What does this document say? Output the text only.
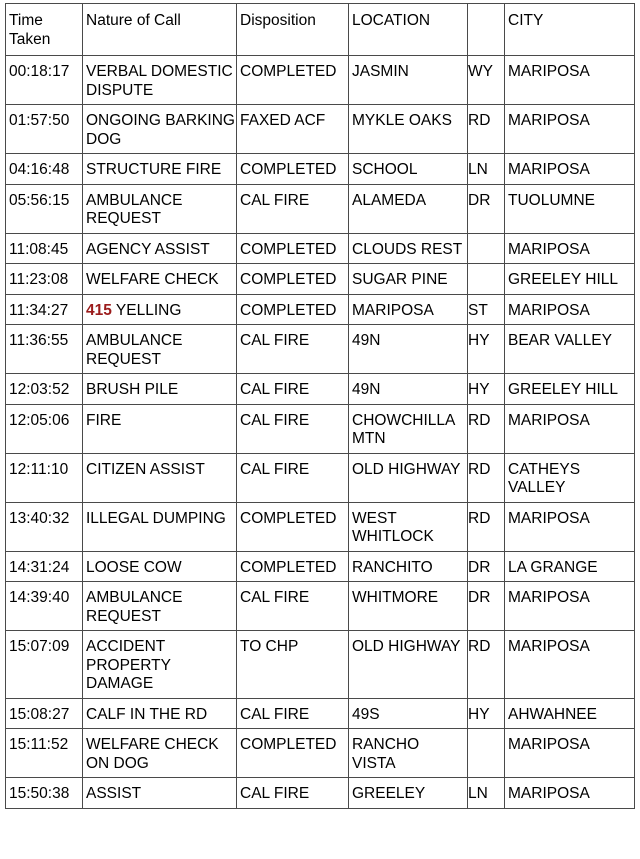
Time Taken	Nature of Call	Disposition	LOCATION		CITY
00:18:17	VERBAL DOMESTIC DISPUTE	COMPLETED	JASMIN	WY	MARIPOSA
01:57:50	ONGOING BARKING DOG	FAXED ACF	MYKLE OAKS	RD	MARIPOSA
04:16:48	STRUCTURE FIRE	COMPLETED	SCHOOL	LN	MARIPOSA
05:56:15	AMBULANCE REQUEST	CAL FIRE	ALAMEDA	DR	TUOLUMNE
11:08:45	AGENCY ASSIST	COMPLETED	CLOUDS REST		MARIPOSA
11:23:08	WELFARE CHECK	COMPLETED	SUGAR PINE		GREELEY HILL
11:34:27	415 YELLING	COMPLETED	MARIPOSA	ST	MARIPOSA
11:36:55	AMBULANCE REQUEST	CAL FIRE	49N	HY	BEAR VALLEY
12:03:52	BRUSH PILE	CAL FIRE	49N	HY	GREELEY HILL
12:05:06	FIRE	CAL FIRE	CHOWCHILLA MTN	RD	MARIPOSA
12:11:10	CITIZEN ASSIST	CAL FIRE	OLD HIGHWAY	RD	CATHEYS VALLEY
13:40:32	ILLEGAL DUMPING	COMPLETED	WEST WHITLOCK	RD	MARIPOSA
14:31:24	LOOSE COW	COMPLETED	RANCHITO	DR	LA GRANGE
14:39:40	AMBULANCE REQUEST	CAL FIRE	WHITMORE	DR	MARIPOSA
15:07:09	ACCIDENT PROPERTY DAMAGE	TO CHP	OLD HIGHWAY	RD	MARIPOSA
15:08:27	CALF IN THE RD	CAL FIRE	49S	HY	AHWAHNEE
15:11:52	WELFARE CHECK ON DOG	COMPLETED	RANCHO VISTA		MARIPOSA
15:50:38	ASSIST	CAL FIRE	GREELEY	LN	MARIPOSA
